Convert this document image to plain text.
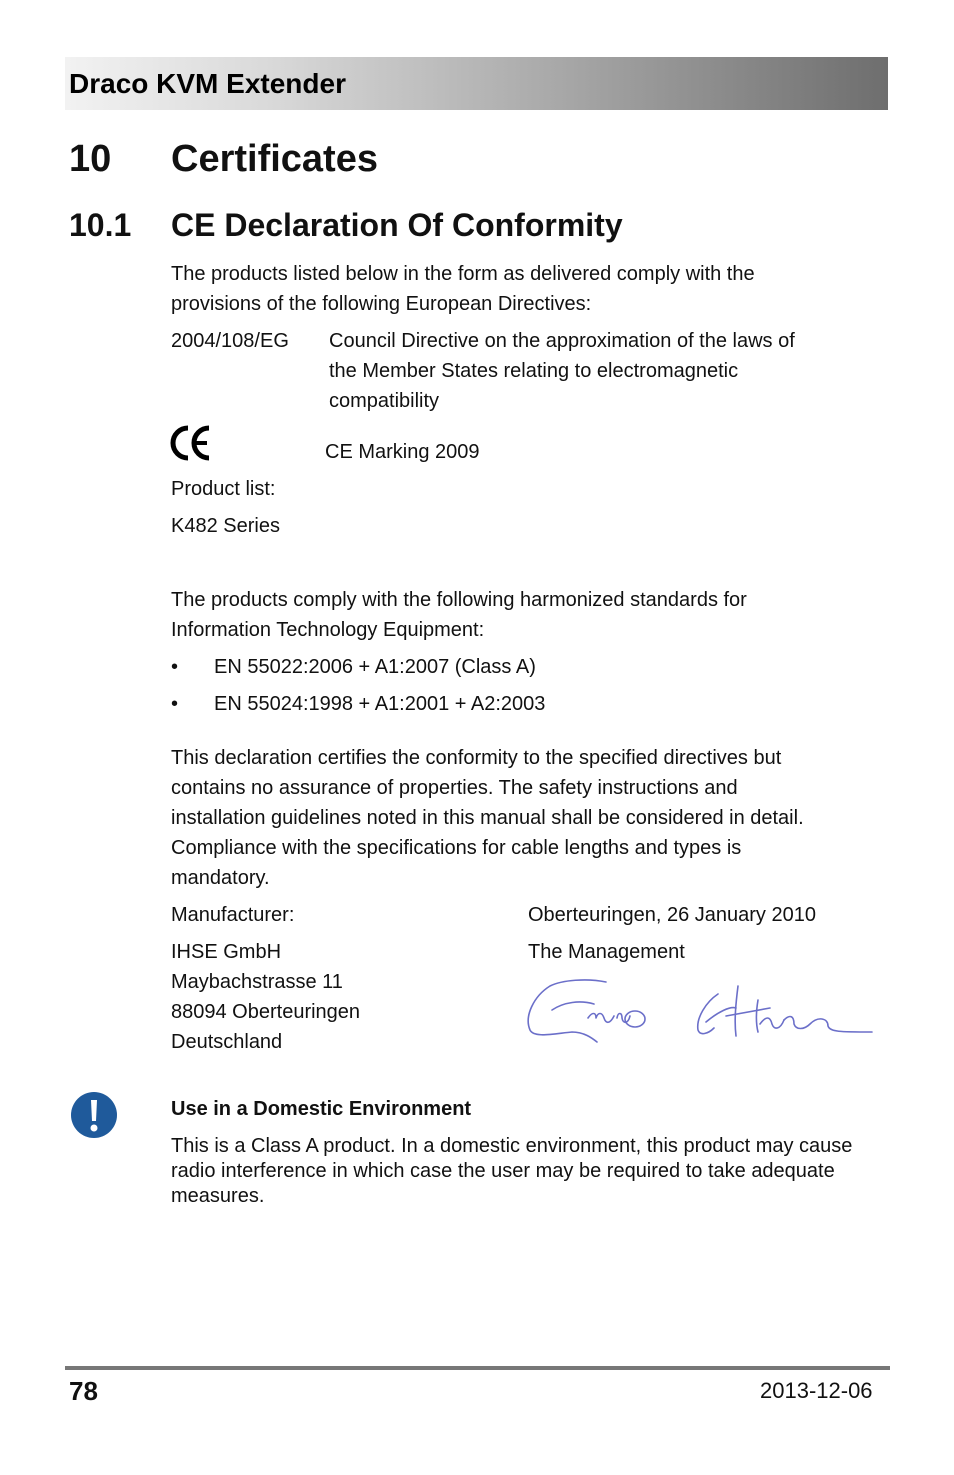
Draco KVM Extender
10 Certificates
10.1 CE Declaration Of Conformity
The products listed below in the form as delivered comply with the
provisions of the following European Directives:
2004/108/EG Council Directive on the approximation of the laws of
the Member States relating to electromagnetic
compatibility
CE Marking 2009
Product list:
K482 Series
The products comply with the following harmonized standards for
Information Technology Equipment:
• EN 55022:2006 + A1:2007 (Class A)
• EN 55024:1998 + A1:2001 + A2:2003
This declaration certifies the conformity to the specified directives but
contains no assurance of properties. The safety instructions and
installation guidelines noted in this manual shall be considered in detail.
Compliance with the specifications for cable lengths and types is
mandatory.
Manufacturer:	Oberteuringen, 26 January 2010
IHSE GmbH
Maybachstrasse 11
88094 Oberteuringen
Deutschland
The Management
Use in a Domestic Environment
This is a Class A product. In a domestic environment, this product may cause radio interference in which case the user may be required to take adequate measures.
78	2013-12-06
